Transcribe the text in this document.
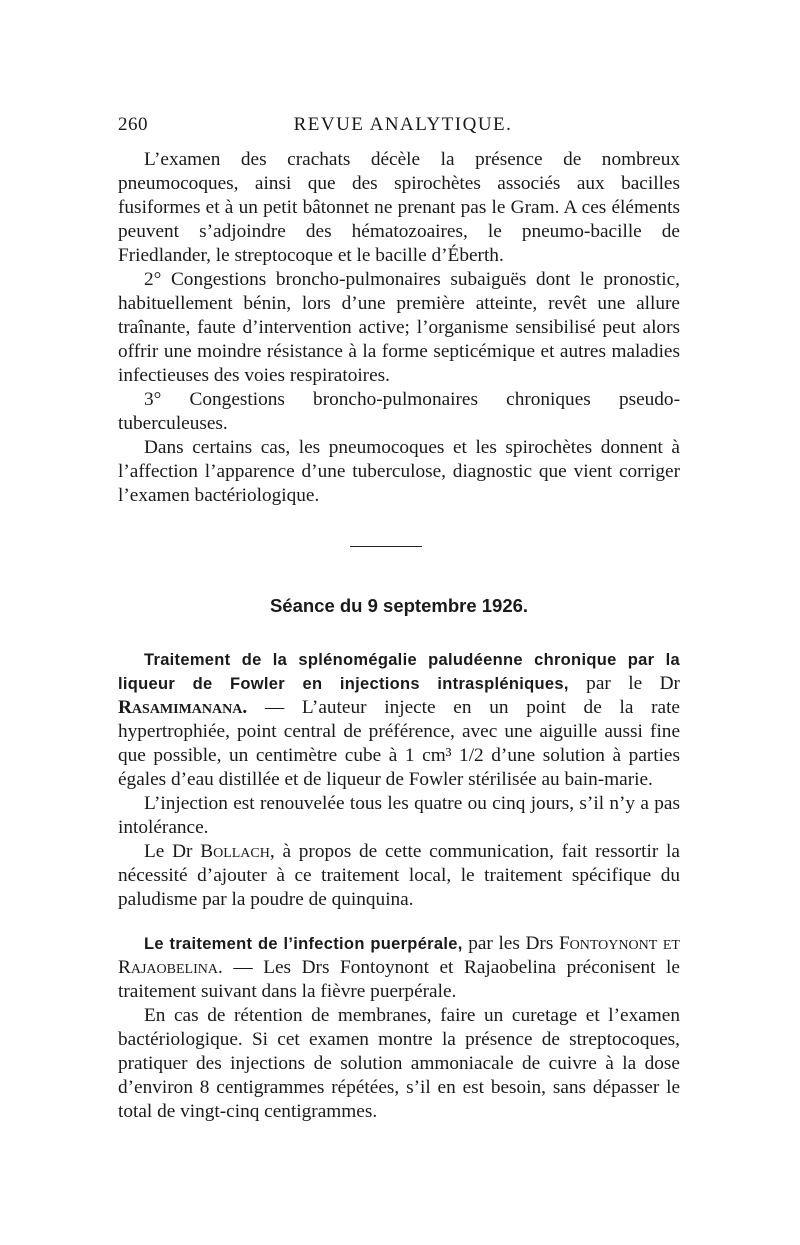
260	REVUE ANALYTIQUE.

L’examen des crachats décèle la présence de nombreux pneumocoques, ainsi que des spirochètes associés aux bacilles fusiformes et à un petit bâtonnet ne prenant pas le Gram. A ces éléments peuvent s’adjoindre des hématozoaires, le pneumo-bacille de Friedlander, le streptocoque et le bacille d’Éberth.

2° Congestions broncho-pulmonaires subaiguës dont le pronostic, habituellement bénin, lors d’une première atteinte, revêt une allure traînante, faute d’intervention active; l’organisme sensibilisé peut alors offrir une moindre résistance à la forme septicémique et autres maladies infectieuses des voies respiratoires.

3° Congestions broncho-pulmonaires chroniques pseudo-tuberculeuses.

Dans certains cas, les pneumocoques et les spirochètes donnent à l’affection l’apparence d’une tuberculose, diagnostic que vient corriger l’examen bactériologique.

Séance du 9 septembre 1926.

Traitement de la splénomégalie paludéenne chronique par la liqueur de Fowler en injections intraspléniques, par le Dr Rasamimanana. — L’auteur injecte en un point de la rate hypertrophiée, point central de préférence, avec une aiguille aussi fine que possible, un centimètre cube à 1 cm³ 1/2 d’une solution à parties égales d’eau distillée et de liqueur de Fowler stérilisée au bain-marie.

L’injection est renouvelée tous les quatre ou cinq jours, s’il n’y a pas intolérance.

Le Dr Bollach, à propos de cette communication, fait ressortir la nécessité d’ajouter à ce traitement local, le traitement spécifique du paludisme par la poudre de quinquina.

Le traitement de l’infection puerpérale, par les Drs Fontoynont et Rajaobelina. — Les Drs Fontoynont et Rajaobelina préconisent le traitement suivant dans la fièvre puerpérale.

En cas de rétention de membranes, faire un curetage et l’examen bactériologique. Si cet examen montre la présence de streptocoques, pratiquer des injections de solution ammoniacale de cuivre à la dose d’environ 8 centigrammes répétées, s’il en est besoin, sans dépasser le total de vingt-cinq centigrammes.
